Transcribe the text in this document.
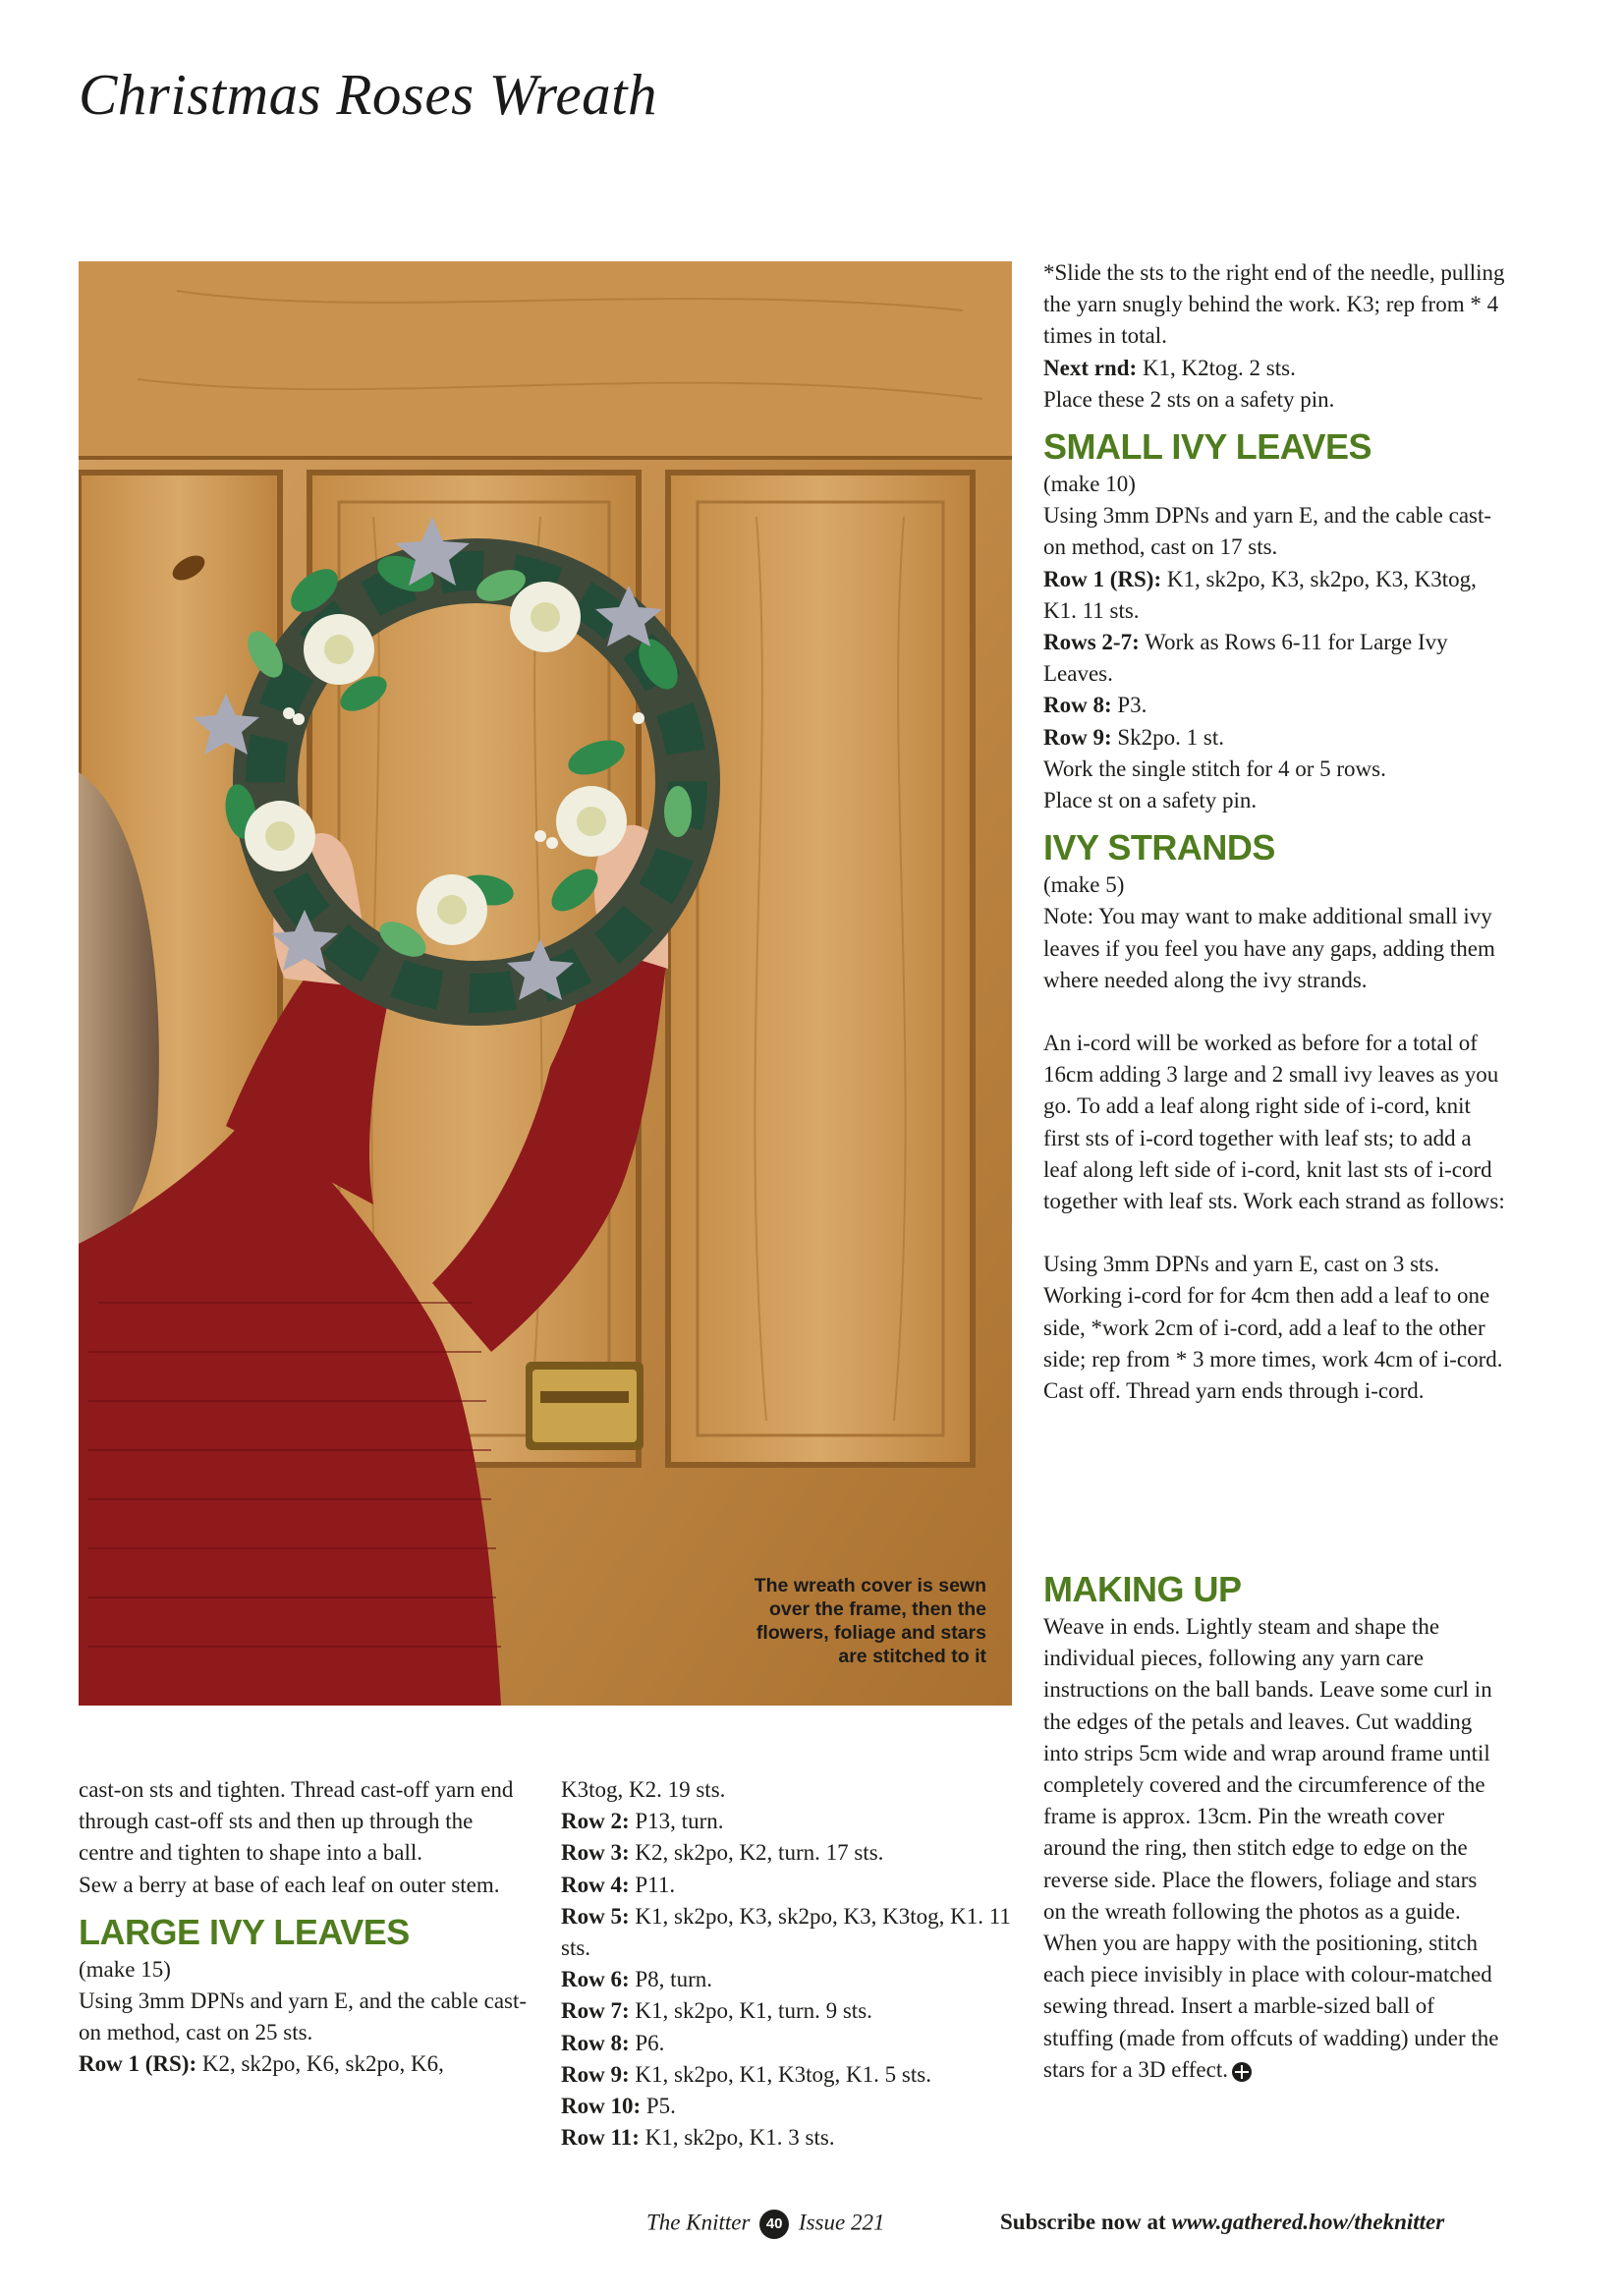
Christmas Roses Wreath
The wreath cover is sewn over the frame, then the flowers, foliage and stars are stitched to it

cast-on sts and tighten. Thread cast-off yarn end through cast-off sts and then up through the centre and tighten to shape into a ball.

Sew a berry at base of each leaf on outer stem.

LARGE IVY LEAVES

(make 15)

Using 3mm DPNs and yarn E, and the cable cast-on method, cast on 25 sts.

Row 1 (RS): K2, sk2po, K6, sk2po, K6,

K3tog, K2. 19 sts.

Row 2: P13, turn.

Row 3: K2, sk2po, K2, turn. 17 sts.

Row 4: P11.

Row 5: K1, sk2po, K3, sk2po, K3, K3tog, K1. 11 sts.

Row 6: P8, turn.

Row 7: K1, sk2po, K1, turn. 9 sts.

Row 8: P6.

Row 9: K1, sk2po, K1, K3tog, K1. 5 sts.

Row 10: P5.

Row 11: K1, sk2po, K1. 3 sts.

*Slide the sts to the right end of the needle, pulling the yarn snugly behind the work. K3; rep from * 4 times in total.

Next rnd: K1, K2tog. 2 sts.

Place these 2 sts on a safety pin.

SMALL IVY LEAVES

(make 10)

Using 3mm DPNs and yarn E, and the cable cast-on method, cast on 17 sts.

Row 1 (RS): K1, sk2po, K3, sk2po, K3, K3tog, K1. 11 sts.

Rows 2-7: Work as Rows 6-11 for Large Ivy Leaves.

Row 8: P3.

Row 9: Sk2po. 1 st.

Work the single stitch for 4 or 5 rows.

Place st on a safety pin.

IVY STRANDS

(make 5)

Note: You may want to make additional small ivy leaves if you feel you have any gaps, adding them where needed along the ivy strands.

An i-cord will be worked as before for a total of 16cm adding 3 large and 2 small ivy leaves as you go. To add a leaf along right side of i-cord, knit first sts of i-cord together with leaf sts; to add a leaf along left side of i-cord, knit last sts of i-cord together with leaf sts. Work each strand as follows:

Using 3mm DPNs and yarn E, cast on 3 sts. Working i-cord for for 4cm then add a leaf to one side, *work 2cm of i-cord, add a leaf to the other side; rep from * 3 more times, work 4cm of i-cord.

Cast off. Thread yarn ends through i-cord.

MAKING UP

Weave in ends. Lightly steam and shape the individual pieces, following any yarn care instructions on the ball bands. Leave some curl in the edges of the petals and leaves. Cut wadding into strips 5cm wide and wrap around frame until completely covered and the circumference of the frame is approx. 13cm. Pin the wreath cover around the ring, then stitch edge to edge on the reverse side. Place the flowers, foliage and stars on the wreath following the photos as a guide. When you are happy with the positioning, stitch each piece invisibly in place with colour-matched sewing thread. Insert a marble-sized ball of stuffing (made from offcuts of wadding) under the stars for a 3D effect.

The Knitter 40 Issue 221	Subscribe now at www.gathered.how/theknitter
